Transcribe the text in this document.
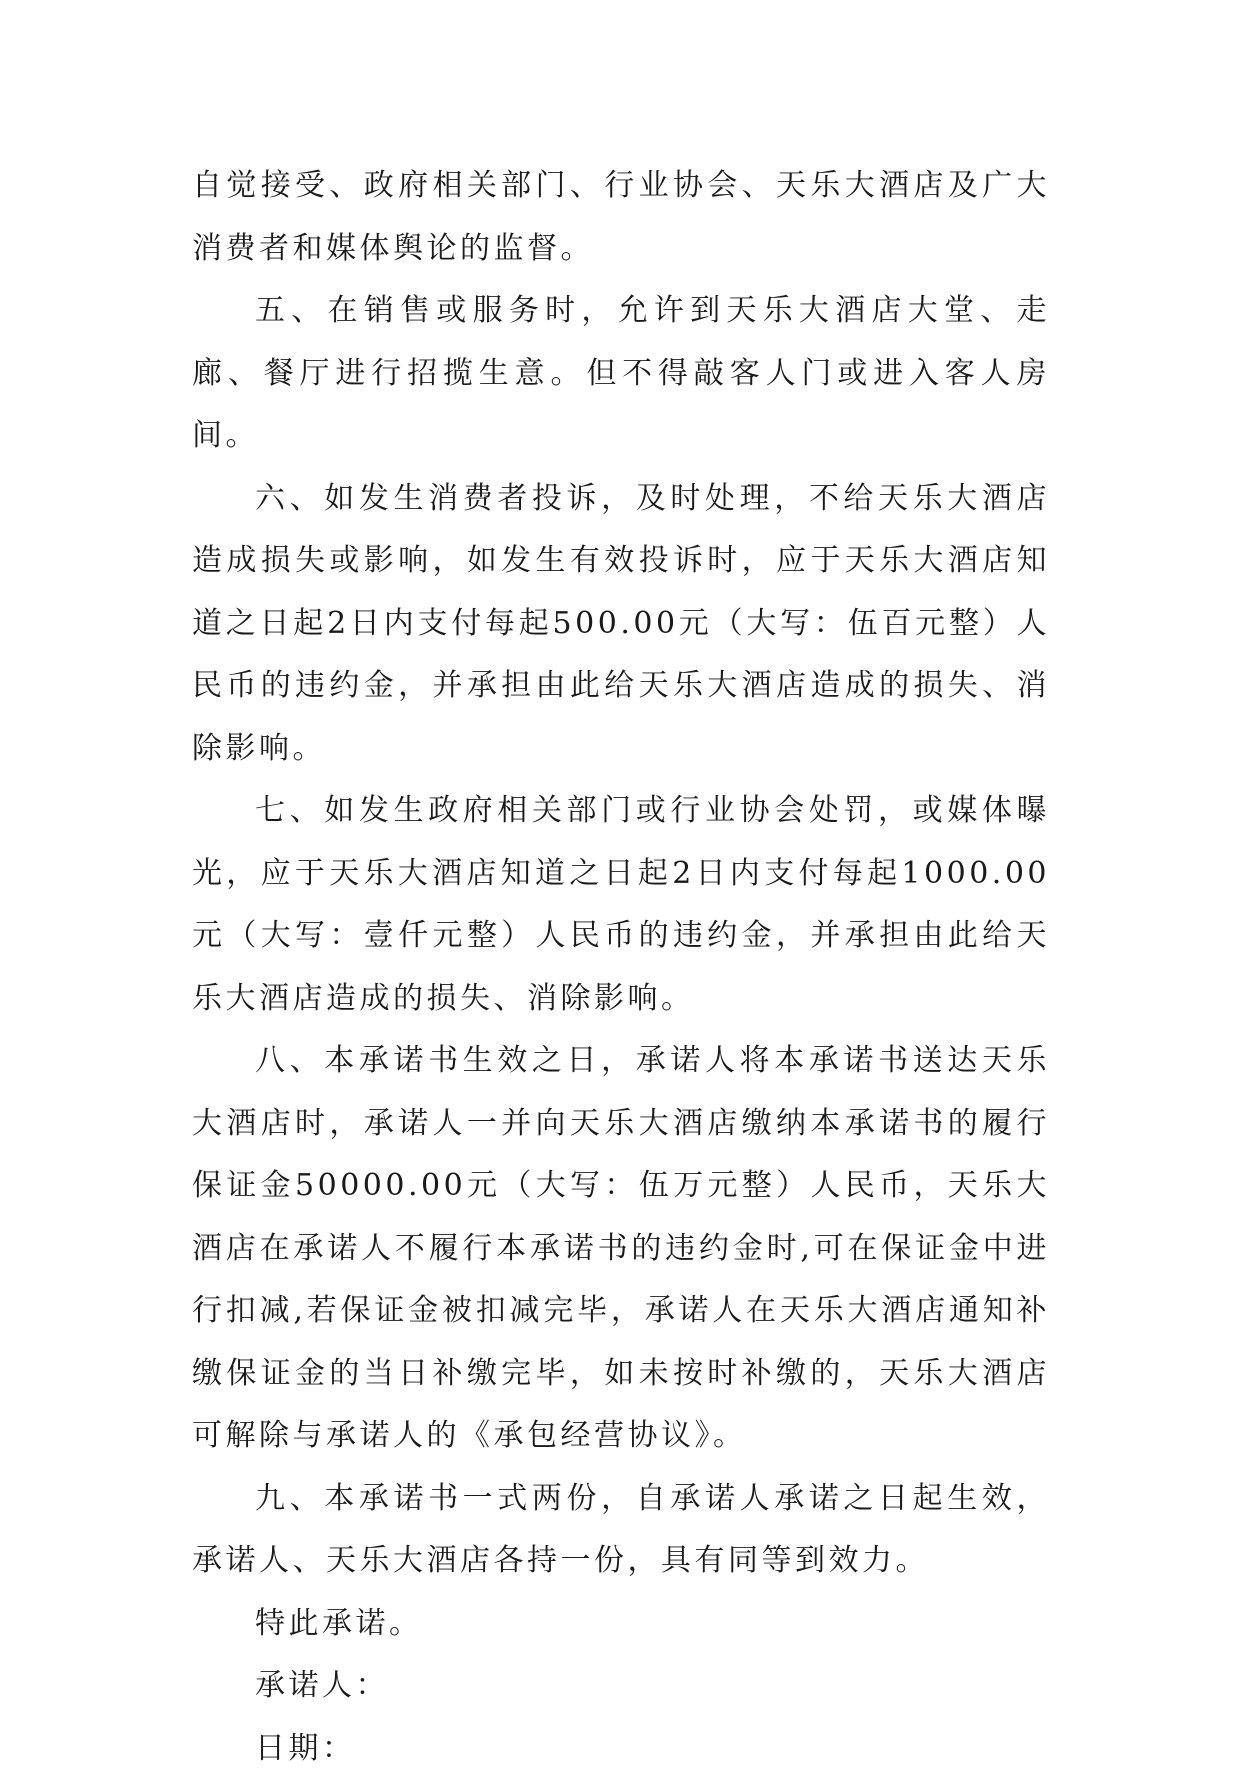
自觉接受、政府相关部门、行业协会、天乐大酒店及广大消费者和媒体舆论的监督。

五、在销售或服务时，允许到天乐大酒店大堂、走廊、餐厅进行招揽生意。但不得敲客人门或进入客人房间。

六、如发生消费者投诉，及时处理，不给天乐大酒店造成损失或影响，如发生有效投诉时，应于天乐大酒店知道之日起2日内支付每起500.00元（大写：伍百元整）人民币的违约金，并承担由此给天乐大酒店造成的损失、消除影响。

七、如发生政府相关部门或行业协会处罚，或媒体曝光，应于天乐大酒店知道之日起2日内支付每起1000.00元（大写：壹仟元整）人民币的违约金，并承担由此给天乐大酒店造成的损失、消除影响。

八、本承诺书生效之日，承诺人将本承诺书送达天乐大酒店时，承诺人一并向天乐大酒店缴纳本承诺书的履行保证金50000.00元（大写：伍万元整）人民币，天乐大酒店在承诺人不履行本承诺书的违约金时,可在保证金中进行扣减,若保证金被扣减完毕，承诺人在天乐大酒店通知补缴保证金的当日补缴完毕，如未按时补缴的，天乐大酒店可解除与承诺人的《承包经营协议》。

九、本承诺书一式两份，自承诺人承诺之日起生效，承诺人、天乐大酒店各持一份，具有同等到效力。

特此承诺。

承诺人：

日期：
